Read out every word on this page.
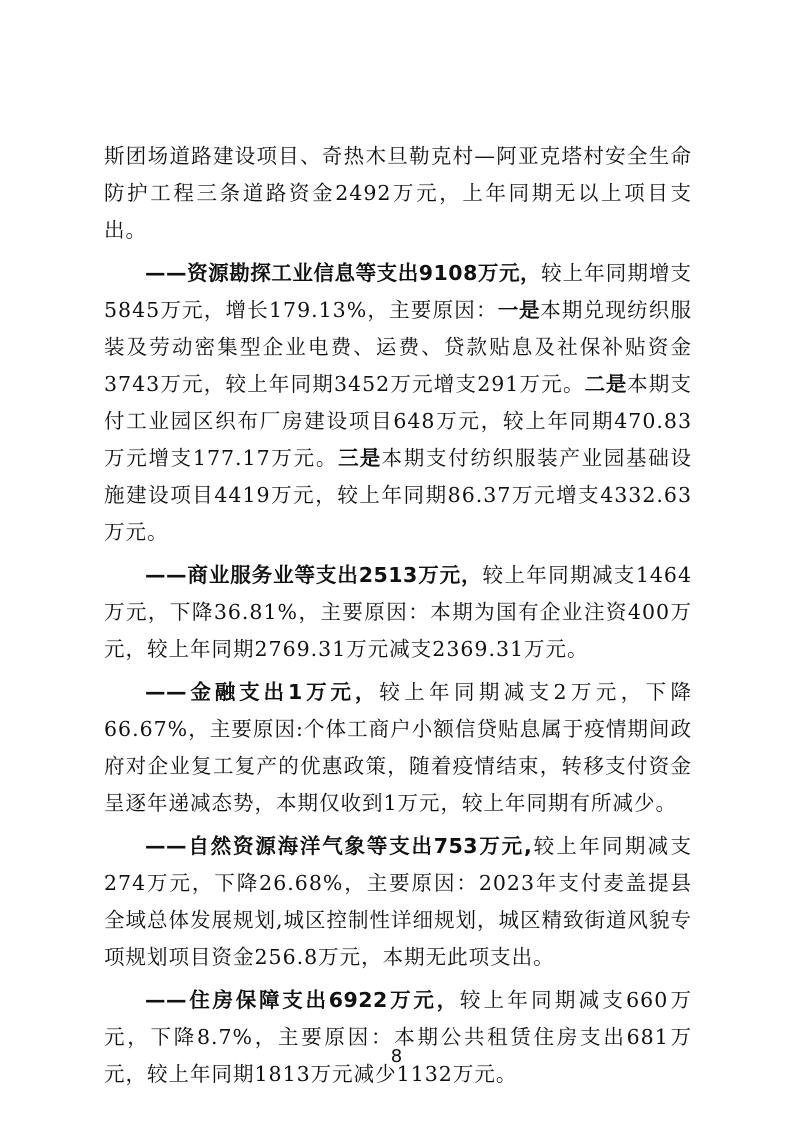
斯团场道路建设项目、奇热木旦勒克村—阿亚克塔村安全生命防护工程三条道路资金2492万元，上年同期无以上项目支出。

——资源勘探工业信息等支出9108万元，较上年同期增支5845万元，增长179.13%，主要原因：一是本期兑现纺织服装及劳动密集型企业电费、运费、贷款贴息及社保补贴资金3743万元，较上年同期3452万元增支291万元。二是本期支付工业园区织布厂房建设项目648万元，较上年同期470.83万元增支177.17万元。三是本期支付纺织服装产业园基础设施建设项目4419万元，较上年同期86.37万元增支4332.63万元。

——商业服务业等支出2513万元，较上年同期减支1464万元，下降36.81%，主要原因：本期为国有企业注资400万元，较上年同期2769.31万元减支2369.31万元。

——金融支出1万元，较上年同期减支2万元，下降66.67%，主要原因:个体工商户小额信贷贴息属于疫情期间政府对企业复工复产的优惠政策，随着疫情结束，转移支付资金呈逐年递减态势，本期仅收到1万元，较上年同期有所减少。

——自然资源海洋气象等支出753万元,较上年同期减支274万元，下降26.68%，主要原因：2023年支付麦盖提县全域总体发展规划,城区控制性详细规划，城区精致街道风貌专项规划项目资金256.8万元，本期无此项支出。

——住房保障支出6922万元，较上年同期减支660万元，下降8.7%，主要原因：本期公共租赁住房支出681万元，较上年同期1813万元减少1132万元。

8
